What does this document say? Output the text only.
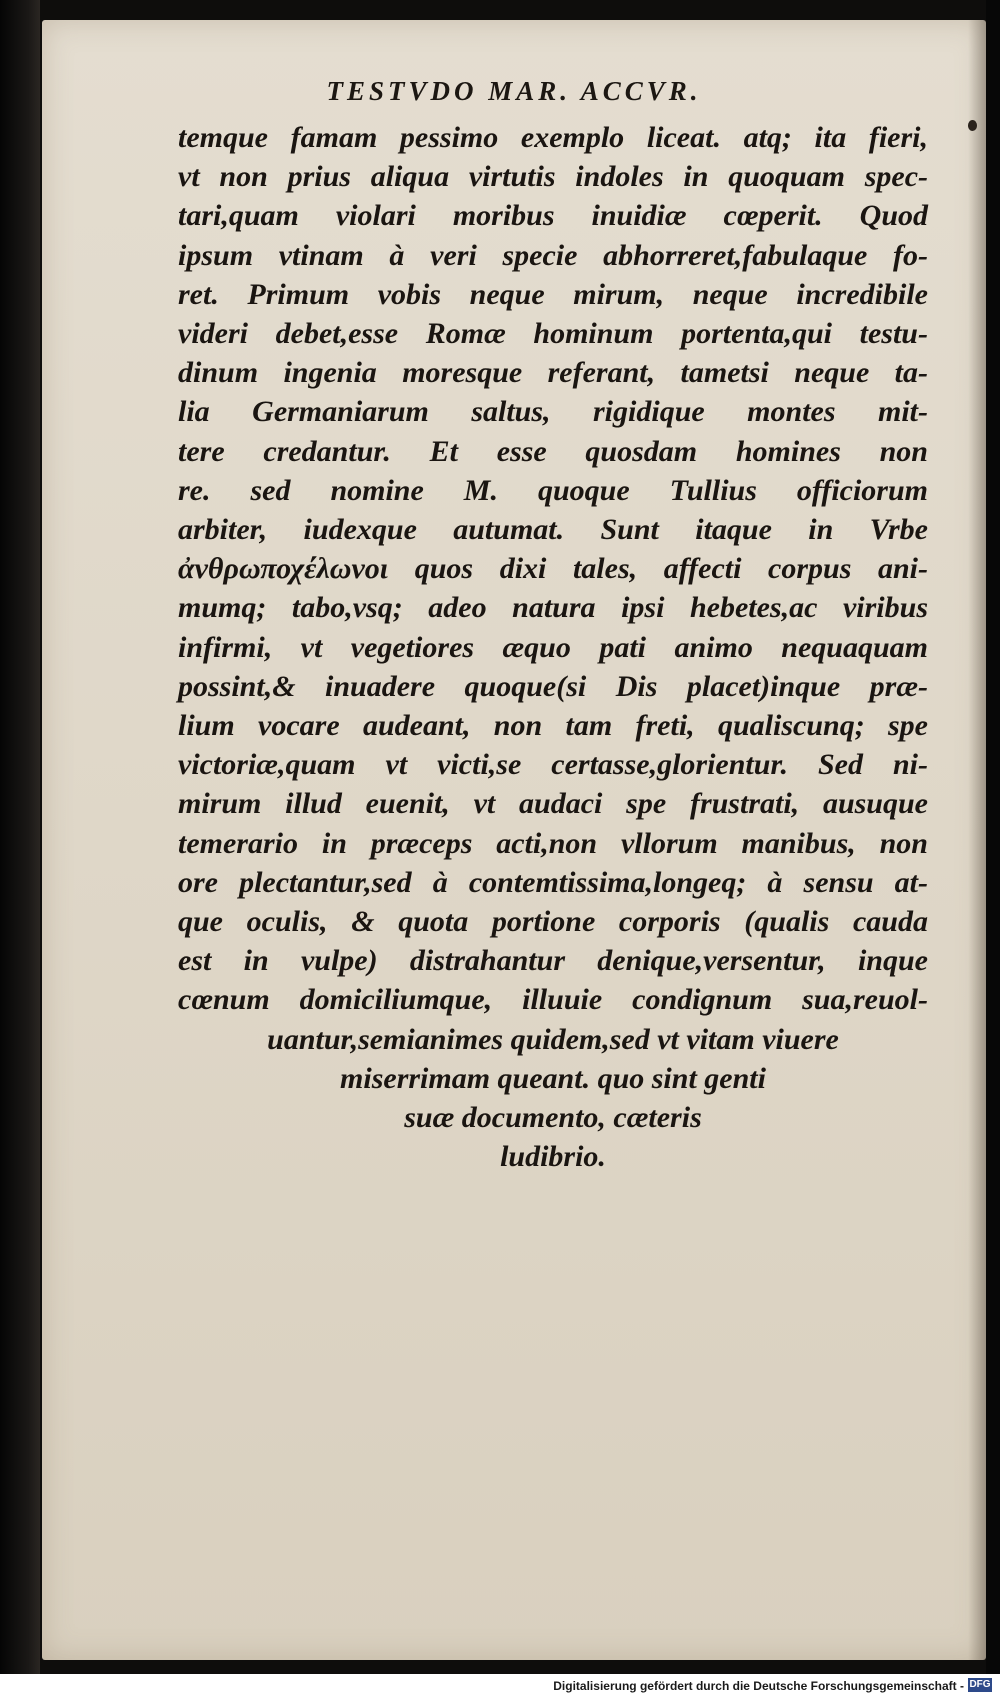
TESTVDO MAR. ACCVR.
temque famam pessimo exemplo liceat. atq; ita fieri,
vt non prius aliqua virtutis indoles in quoquam spec-
tari,quam violari moribus inuidiæ cœperit. Quod
ipsum vtinam à veri specie abhorreret,fabulaque fo-
ret. Primum vobis neque mirum, neque incredibile
videri debet,esse Romæ hominum portenta,qui testu-
dinum ingenia moresque referant, tametsi neque ta-
lia Germaniarum saltus, rigidique montes mit-
tere credantur. Et esse quosdam homines non
re. sed nomine M. quoque Tullius officiorum
arbiter, iudexque autumat. Sunt itaque in Vrbe
ἀνθρωποχέλωνοι quos dixi tales, affecti corpus ani-
mumq; tabo,vsq; adeo natura ipsi hebetes,ac viribus
infirmi, vt vegetiores æquo pati animo nequaquam
possint,& inuadere quoque(si Dis placet)inque præ-
lium vocare audeant, non tam freti, qualiscunq; spe
victoriæ,quam vt victi,se certasse,glorientur. Sed ni-
mirum illud euenit, vt audaci spe frustrati, ausuque
temerario in præceps acti,non vllorum manibus, non
ore plectantur,sed à contemtissima,longeq; à sensu at-
que oculis, & quota portione corporis (qualis cauda
est in vulpe) distrahantur denique,versentur, inque
cœnum domiciliumque, illuuie condignum sua,reuol-
uantur,semianimes quidem,sed vt vitam viuere
miserrimam queant. quo sint genti
suæ documento, cæteris
ludibrio.
Digitalisierung gefördert durch die Deutsche Forschungsgemeinschaft - DFG
